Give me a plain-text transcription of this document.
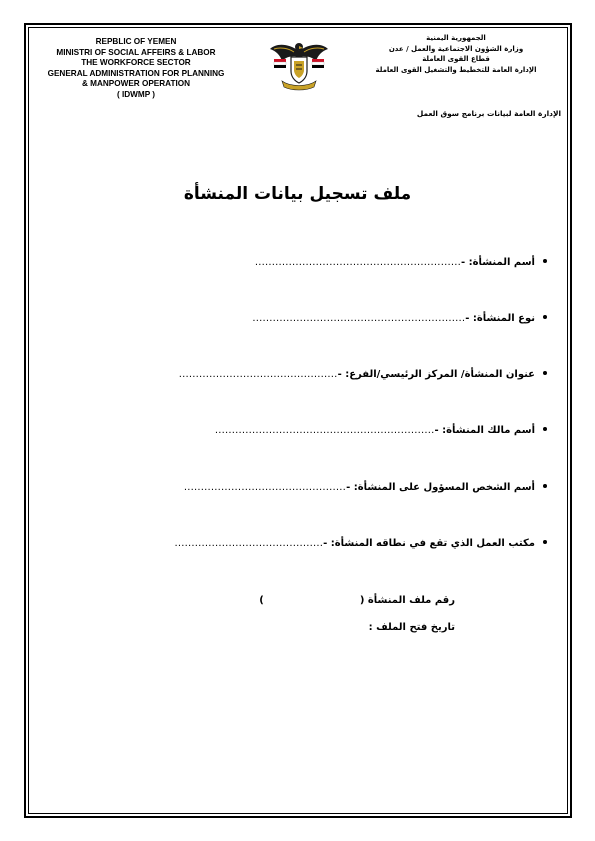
REPBLIC OF YEMEN
MINISTRI OF SOCIAL AFFEIRS & LABOR
THE WORKFORCE SECTOR
GENERAL ADMINISTRATION FOR PLANNING
& MANPOWER OPERATION
( IDWMP )
الجمهورية اليمنية
وزارة الشؤون الاجتماعية والعمل / عدن
قطاع القوى العاملة
الإدارة العامة للتخطيط والتشغيل القوى العاملة
الإدارة العامة لبيانات برنامج سوق العمل
ملف تسجيل بيانات المنشأة
أسم المنشأة: -
.............................................................
نوع المنشأة: -
...............................................................
عنوان المنشأة/ المركز الرئيسي/الفرع: -
...............................................
أسم مالك المنشأة: -
.................................................................
أسم الشخص المسؤول على المنشأة: -
................................................
مكتب العمل الذي تقع في نطاقه المنشأة: -
............................................
رقم ملف المنشأة ()
تاريخ فتح الملف :
